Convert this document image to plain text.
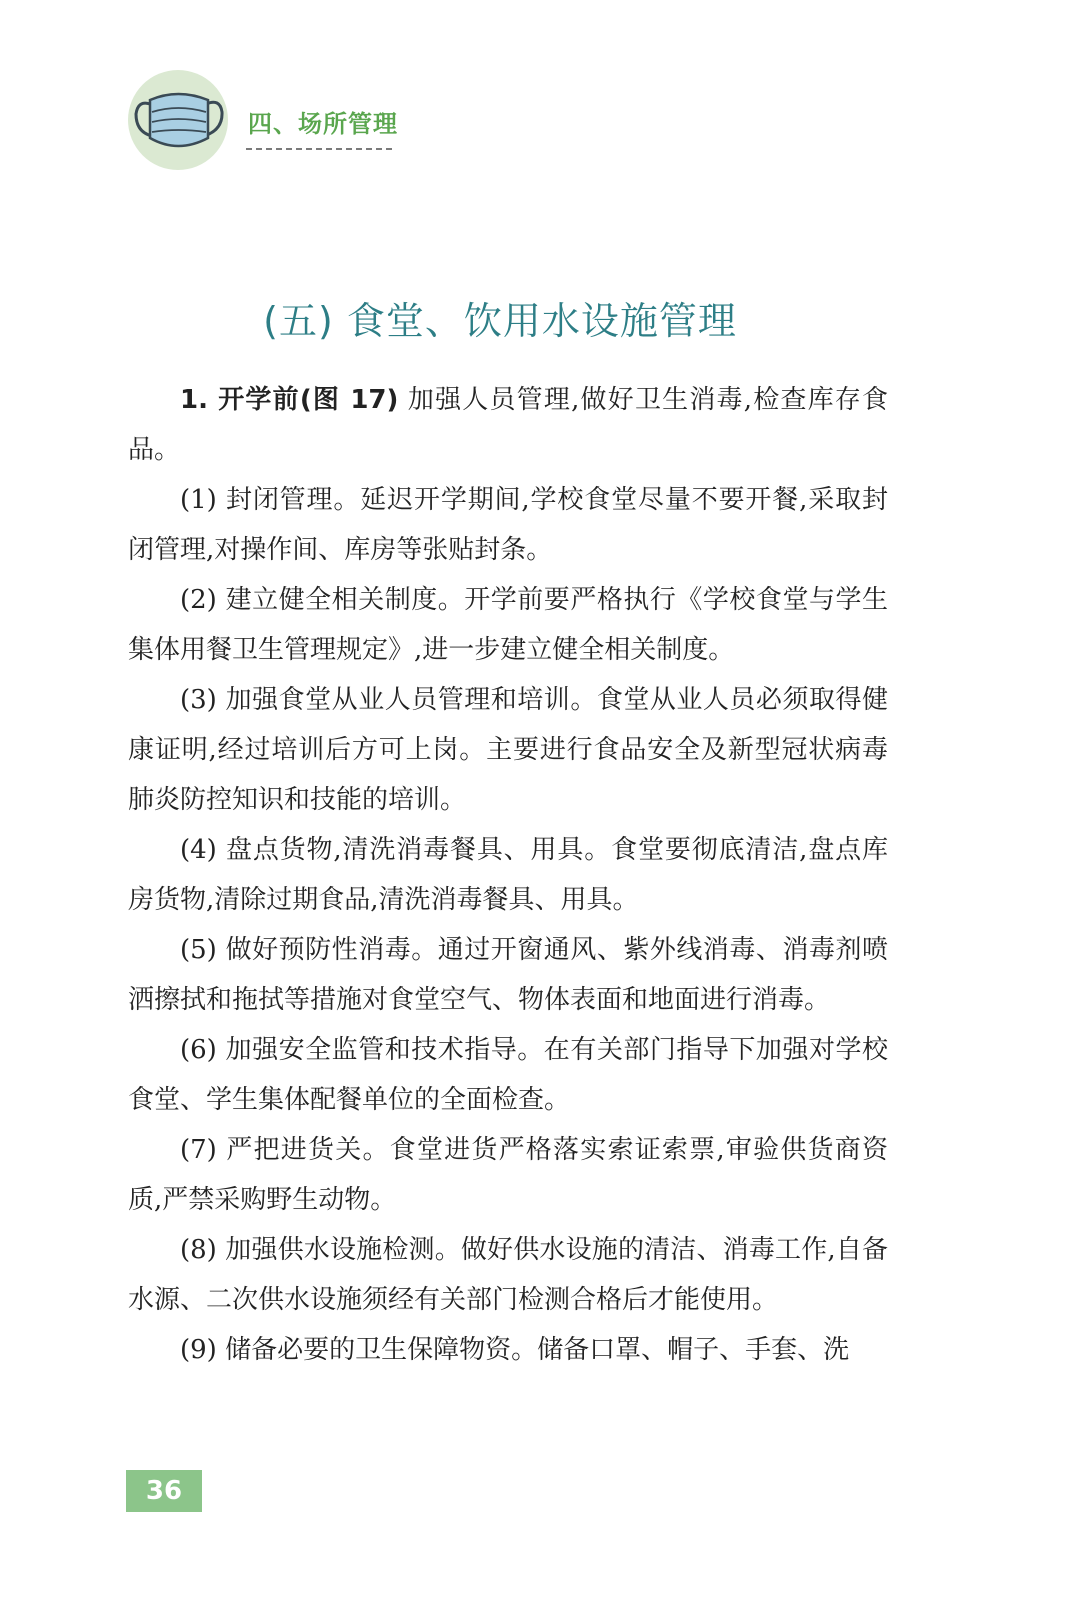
四、场所管理
(五) 食堂、饮用水设施管理

1. 开学前(图 17) 加强人员管理,做好卫生消毒,检查库存食品。

(1) 封闭管理。延迟开学期间,学校食堂尽量不要开餐,采取封闭管理,对操作间、库房等张贴封条。

(2) 建立健全相关制度。开学前要严格执行《学校食堂与学生集体用餐卫生管理规定》,进一步建立健全相关制度。

(3) 加强食堂从业人员管理和培训。食堂从业人员必须取得健康证明,经过培训后方可上岗。主要进行食品安全及新型冠状病毒肺炎防控知识和技能的培训。

(4) 盘点货物,清洗消毒餐具、用具。食堂要彻底清洁,盘点库房货物,清除过期食品,清洗消毒餐具、用具。

(5) 做好预防性消毒。通过开窗通风、紫外线消毒、消毒剂喷洒擦拭和拖拭等措施对食堂空气、物体表面和地面进行消毒。

(6) 加强安全监管和技术指导。在有关部门指导下加强对学校食堂、学生集体配餐单位的全面检查。

(7) 严把进货关。食堂进货严格落实索证索票,审验供货商资质,严禁采购野生动物。

(8) 加强供水设施检测。做好供水设施的清洁、消毒工作,自备水源、二次供水设施须经有关部门检测合格后才能使用。

(9) 储备必要的卫生保障物资。储备口罩、帽子、手套、洗

36
